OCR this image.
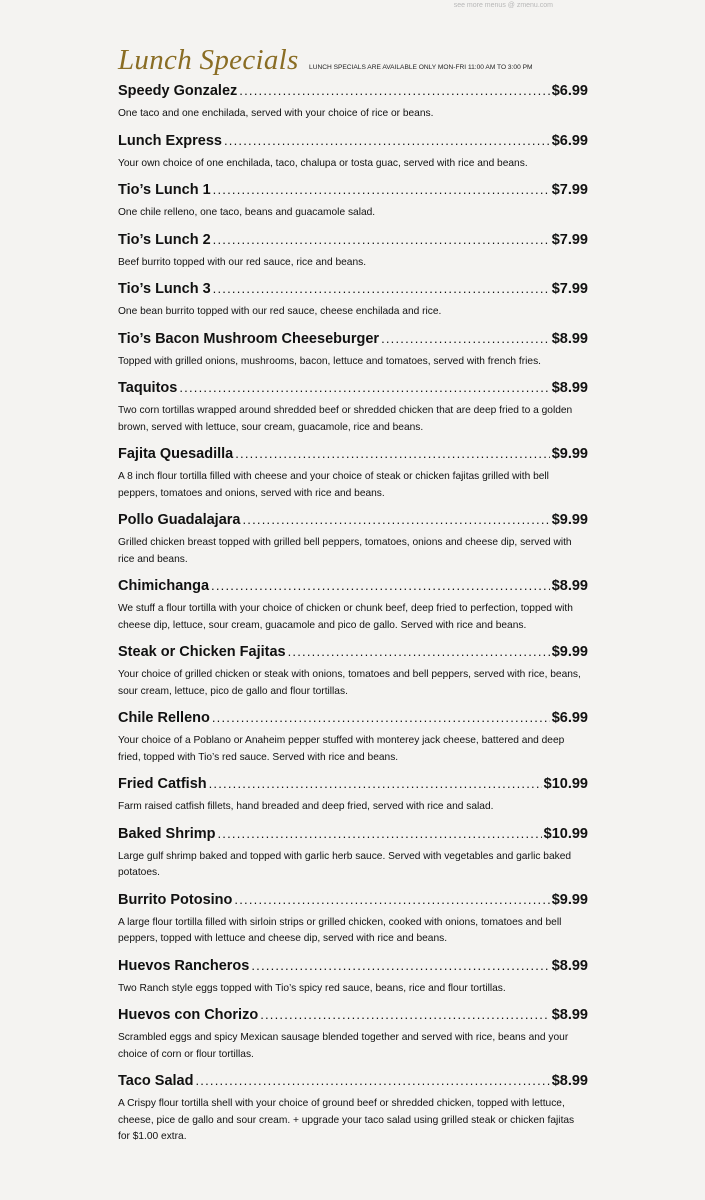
see more menus @ zmenu.com
Lunch Specials LUNCH SPECIALS ARE AVAILABLE ONLY MON-FRI 11:00 AM TO 3:00 PM
Speedy Gonzalez .....	$6.99
One taco and one enchilada, served with your choice of rice or beans.
Lunch Express .....	$6.99
Your own choice of one enchilada, taco, chalupa or tosta guac, served with rice and beans.
Tio’s Lunch 1 .....	$7.99
One chile relleno, one taco, beans and guacamole salad.
Tio’s Lunch 2 .....	$7.99
Beef burrito topped with our red sauce, rice and beans.
Tio’s Lunch 3 .....	$7.99
One bean burrito topped with our red sauce, cheese enchilada and rice.
Tio’s Bacon Mushroom Cheeseburger .....	$8.99
Topped with grilled onions, mushrooms, bacon, lettuce and tomatoes, served with french fries.
Taquitos .....	$8.99
Two corn tortillas wrapped around shredded beef or shredded chicken that are deep fried to a golden brown, served with lettuce, sour cream, guacamole, rice and beans.
Fajita Quesadilla .....	$9.99
A 8 inch flour tortilla filled with cheese and your choice of steak or chicken fajitas grilled with bell peppers, tomatoes and onions, served with rice and beans.
Pollo Guadalajara .....	$9.99
Grilled chicken breast topped with grilled bell peppers, tomatoes, onions and cheese dip, served with rice and beans.
Chimichanga .....	$8.99
We stuff a flour tortilla with your choice of chicken or chunk beef, deep fried to perfection, topped with cheese dip, lettuce, sour cream, guacamole and pico de gallo. Served with rice and beans.
Steak or Chicken Fajitas .....	$9.99
Your choice of grilled chicken or steak with onions, tomatoes and bell peppers, served with rice, beans, sour cream, lettuce, pico de gallo and flour tortillas.
Chile Relleno .....	$6.99
Your choice of a Poblano or Anaheim pepper stuffed with monterey jack cheese, battered and deep fried, topped with Tio’s red sauce. Served with rice and beans.
Fried Catfish .....	$10.99
Farm raised catfish fillets, hand breaded and deep fried, served with rice and salad.
Baked Shrimp .....	$10.99
Large gulf shrimp baked and topped with garlic herb sauce. Served with vegetables and garlic baked potatoes.
Burrito Potosino .....	$9.99
A large flour tortilla filled with sirloin strips or grilled chicken, cooked with onions, tomatoes and bell peppers, topped with lettuce and cheese dip, served with rice and beans.
Huevos Rancheros .....	$8.99
Two Ranch style eggs topped with Tio’s spicy red sauce, beans, rice and flour tortillas.
Huevos con Chorizo .....	$8.99
Scrambled eggs and spicy Mexican sausage blended together and served with rice, beans and your choice of corn or flour tortillas.
Taco Salad .....	$8.99
A Crispy flour tortilla shell with your choice of ground beef or shredded chicken, topped with lettuce, cheese, pice de gallo and sour cream. + upgrade your taco salad using grilled steak or chicken fajitas for $1.00 extra.
